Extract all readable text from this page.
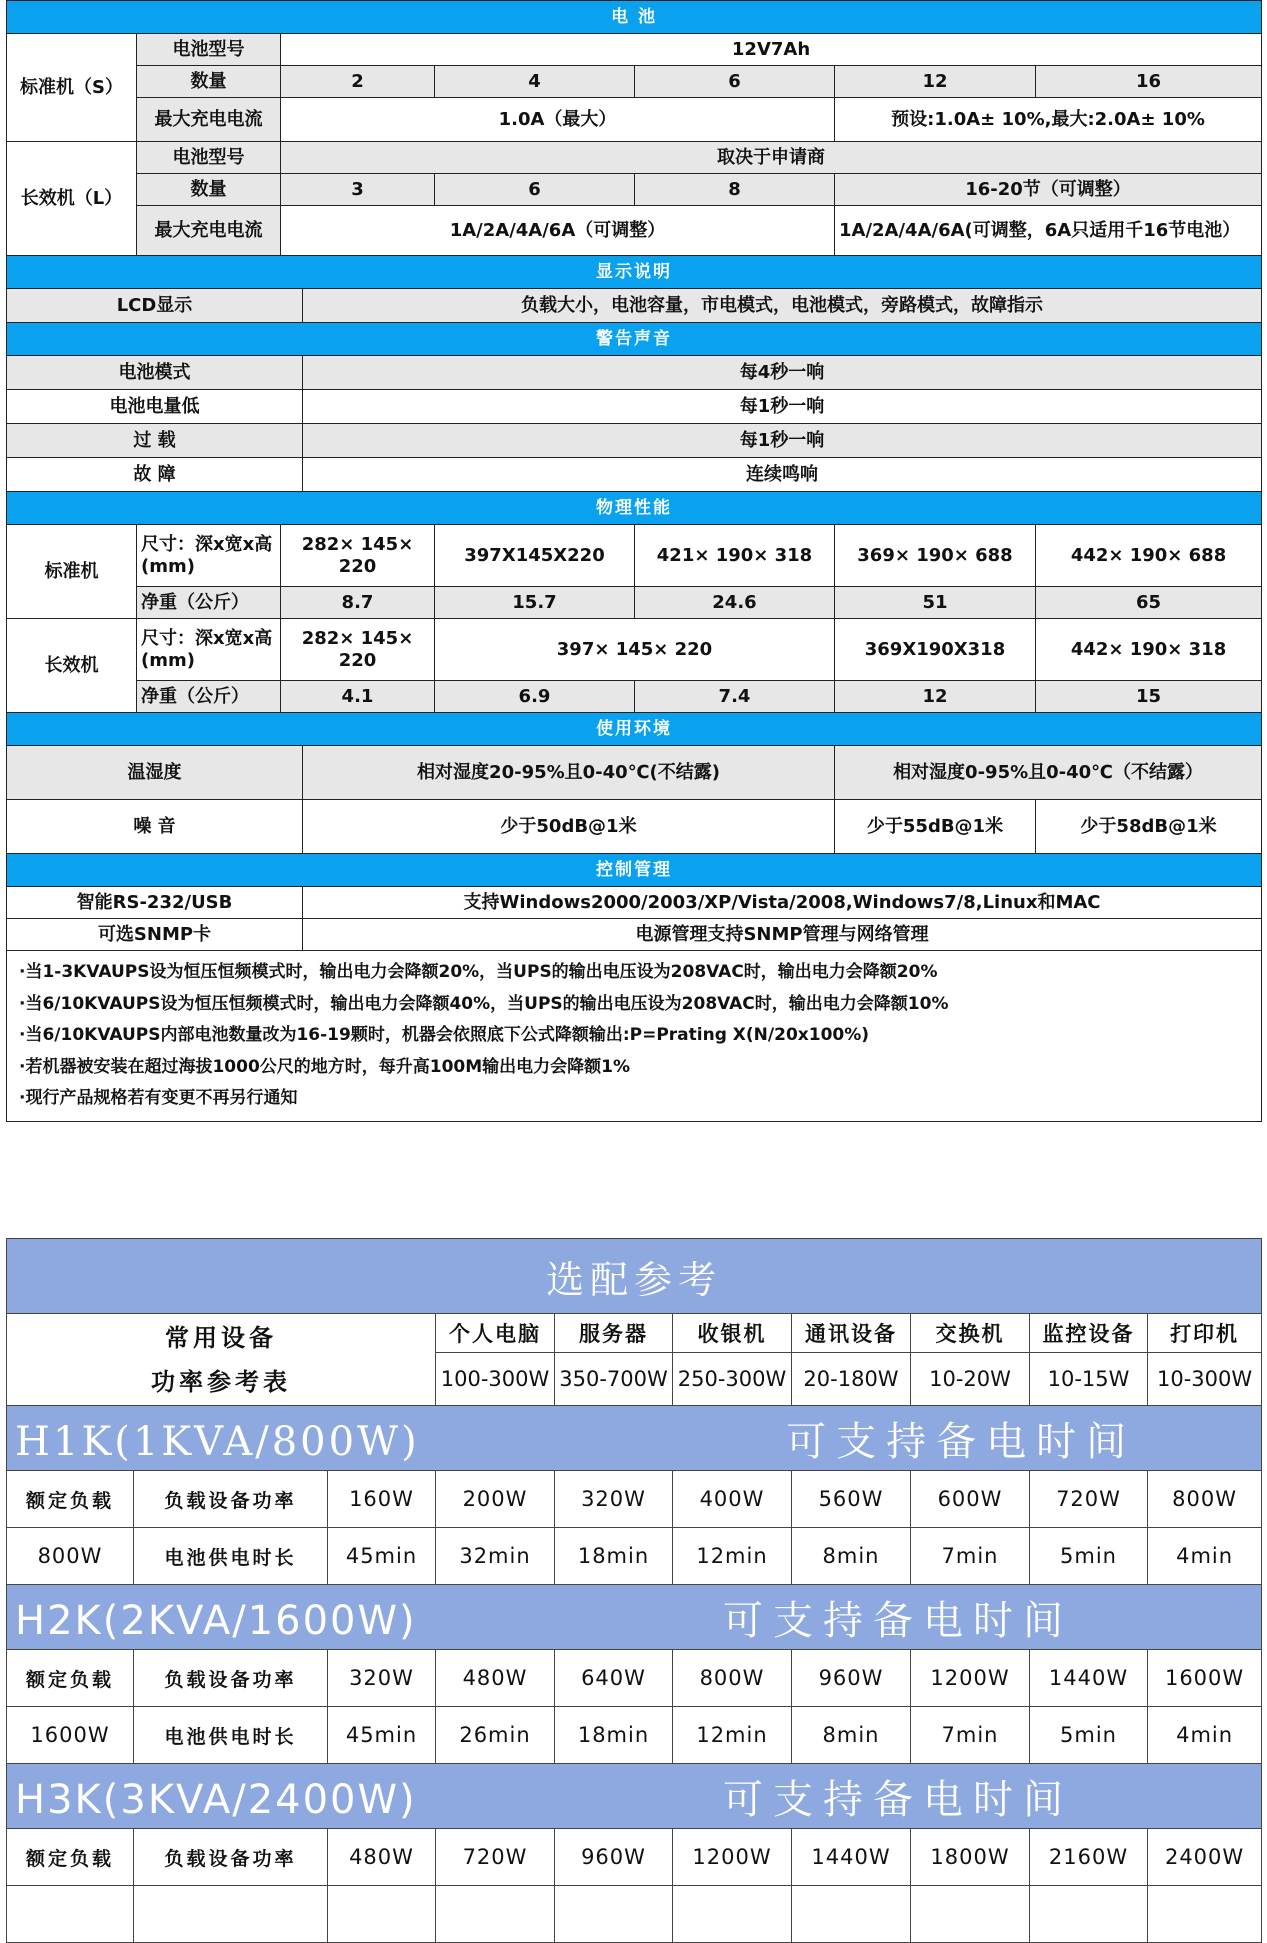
电 池							
标准机（S）	电池型号	12V7Ah					
	数量	2		4	6	12	16
	最大充电电流	1.0A（最大）				预设:1.0A± 10%,最大:2.0A± 10%	
长效机（L）	电池型号	取决于申请商					
	数量	3		6	8	16-20节（可调整）	
	最大充电电流	1A/2A/4A/6A（可调整）				1A/2A/4A/6A(可调整，6A只适用千16节电池）	
显示说明							
LCD显示			负载大小，电池容量，市电模式，电池模式，旁路模式，故障指示				
警告声音							
电池模式			每4秒一响				
电池电量低			每1秒一响				
过 载			每1秒一响				
故 障			连续鸣响				
物理性能							
标准机	尺寸：深x宽x高(mm)	282× 145× 220		397X145X220	421× 190× 318	369× 190× 688	442× 190× 688
	净重（公斤）	8.7		15.7	24.6	51	65
长效机	尺寸：深x宽x高(mm)	282× 145× 220		397× 145× 220		369X190X318	442× 190× 318
	净重（公斤）	4.1		6.9	7.4	12	15
使用环境							
温湿度			相对湿度20-95%且0-40℃(不结露)			相对湿度0-95%且0-40℃（不结露）	
噪 音			少于50dB@1米			少于55dB@1米	少于58dB@1米
控制管理							
智能RS-232/USB			支持Windows2000/2003/XP/Vista/2008,Windows7/8,Linux和MAC				
可选SNMP卡			电源管理支持SNMP管理与网络管理				

·当1-3KVAUPS设为恒压恒频模式时，输出电力会降额20%，当UPS的输出电压设为208VAC时，输出电力会降额20%
·当6/10KVAUPS设为恒压恒频模式时，输出电力会降额40%，当UPS的输出电压设为208VAC时，输出电力会降额10%
·当6/10KVAUPS内部电池数量改为16-19颗时，机器会依照底下公式降额输出:P=Prating X(N/20x100%)
·若机器被安装在超过海拔1000公尺的地方时，每升高100M输出电力会降额1%
·现行产品规格若有变更不再另行通知							
选配参考									

常用设备
功率参考表			个人电脑	服务器	收银机	通讯设备	交换机	监控设备	打印机
			100-300W	350-700W	250-300W	20-180W	10-20W	10-15W	10-300W
H1K(1KVA/800W) 可支持备电时间									
额定负载	负载设备功率	160W	200W	320W	400W	560W	600W	720W	800W
800W	电池供电时长	45min	32min	18min	12min	8min	7min	5min	4min
H2K(2KVA/1600W) 可支持备电时间									
额定负载	负载设备功率	320W	480W	640W	800W	960W	1200W	1440W	1600W
1600W	电池供电时长	45min	26min	18min	12min	8min	7min	5min	4min
H3K(3KVA/2400W) 可支持备电时间									
额定负载	负载设备功率	480W	720W	960W	1200W	1440W	1800W	2160W	2400W
